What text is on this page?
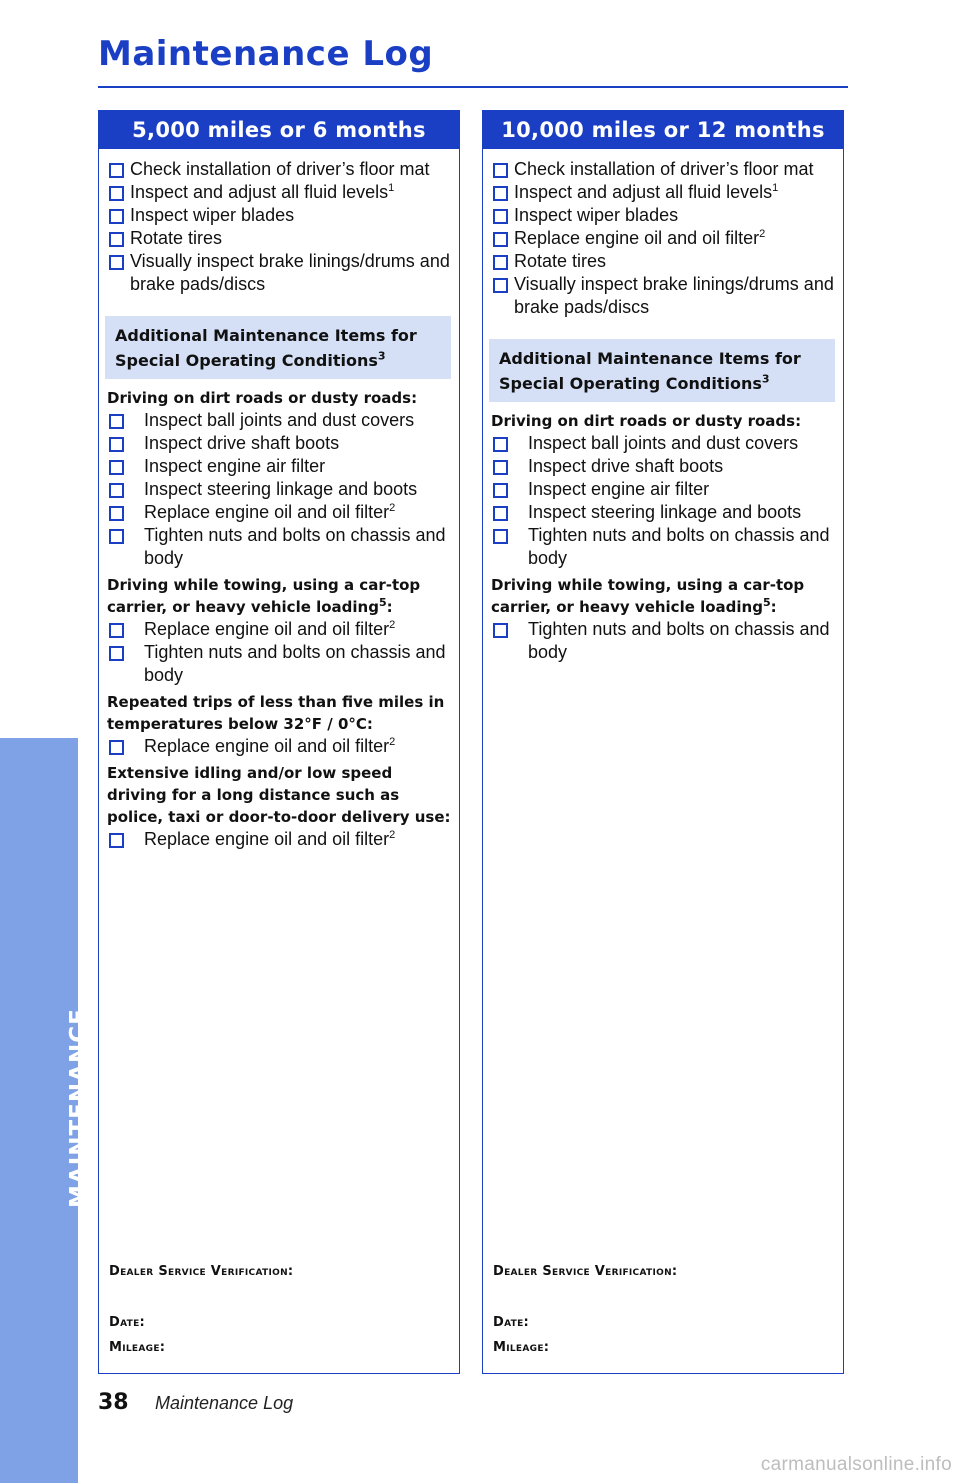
Maintenance Log
MAINTENANCE
5,000 miles or 6 months
Check installation of driver’s floor mat
Inspect and adjust all fluid levels$^1$
Inspect wiper blades
Rotate tires
Visually inspect brake linings/drums and brake pads/discs
Additional Maintenance Items for
Special Operating Conditions$^3$
Driving on dirt roads or dusty roads:
Inspect ball joints and dust covers
Inspect drive shaft boots
Inspect engine air filter
Inspect steering linkage and boots
Replace engine oil and oil filter$^2$
Tighten nuts and bolts on chassis and body
Driving while towing, using a car-top carrier, or heavy vehicle loading$^5$:
Replace engine oil and oil filter$^2$
Tighten nuts and bolts on chassis and body
Repeated trips of less than five miles in temperatures below 32°F / 0°C:
Replace engine oil and oil filter$^2$
Extensive idling and/or low speed driving for a long distance such as police, taxi or door-to-door delivery use:
Replace engine oil and oil filter$^2$
Dealer Service Verification:
Date:
Mileage:
10,000 miles or 12 months
Check installation of driver’s floor mat
Inspect and adjust all fluid levels$^1$
Inspect wiper blades
Replace engine oil and oil filter$^2$
Rotate tires
Visually inspect brake linings/drums and brake pads/discs
Additional Maintenance Items for
Special Operating Conditions$^3$
Driving on dirt roads or dusty roads:
Inspect ball joints and dust covers
Inspect drive shaft boots
Inspect engine air filter
Inspect steering linkage and boots
Tighten nuts and bolts on chassis and body
Driving while towing, using a car-top carrier, or heavy vehicle loading$^5$:
Tighten nuts and bolts on chassis and body
Dealer Service Verification:
Date:
Mileage:
38 Maintenance Log
carmanualsonline.info
